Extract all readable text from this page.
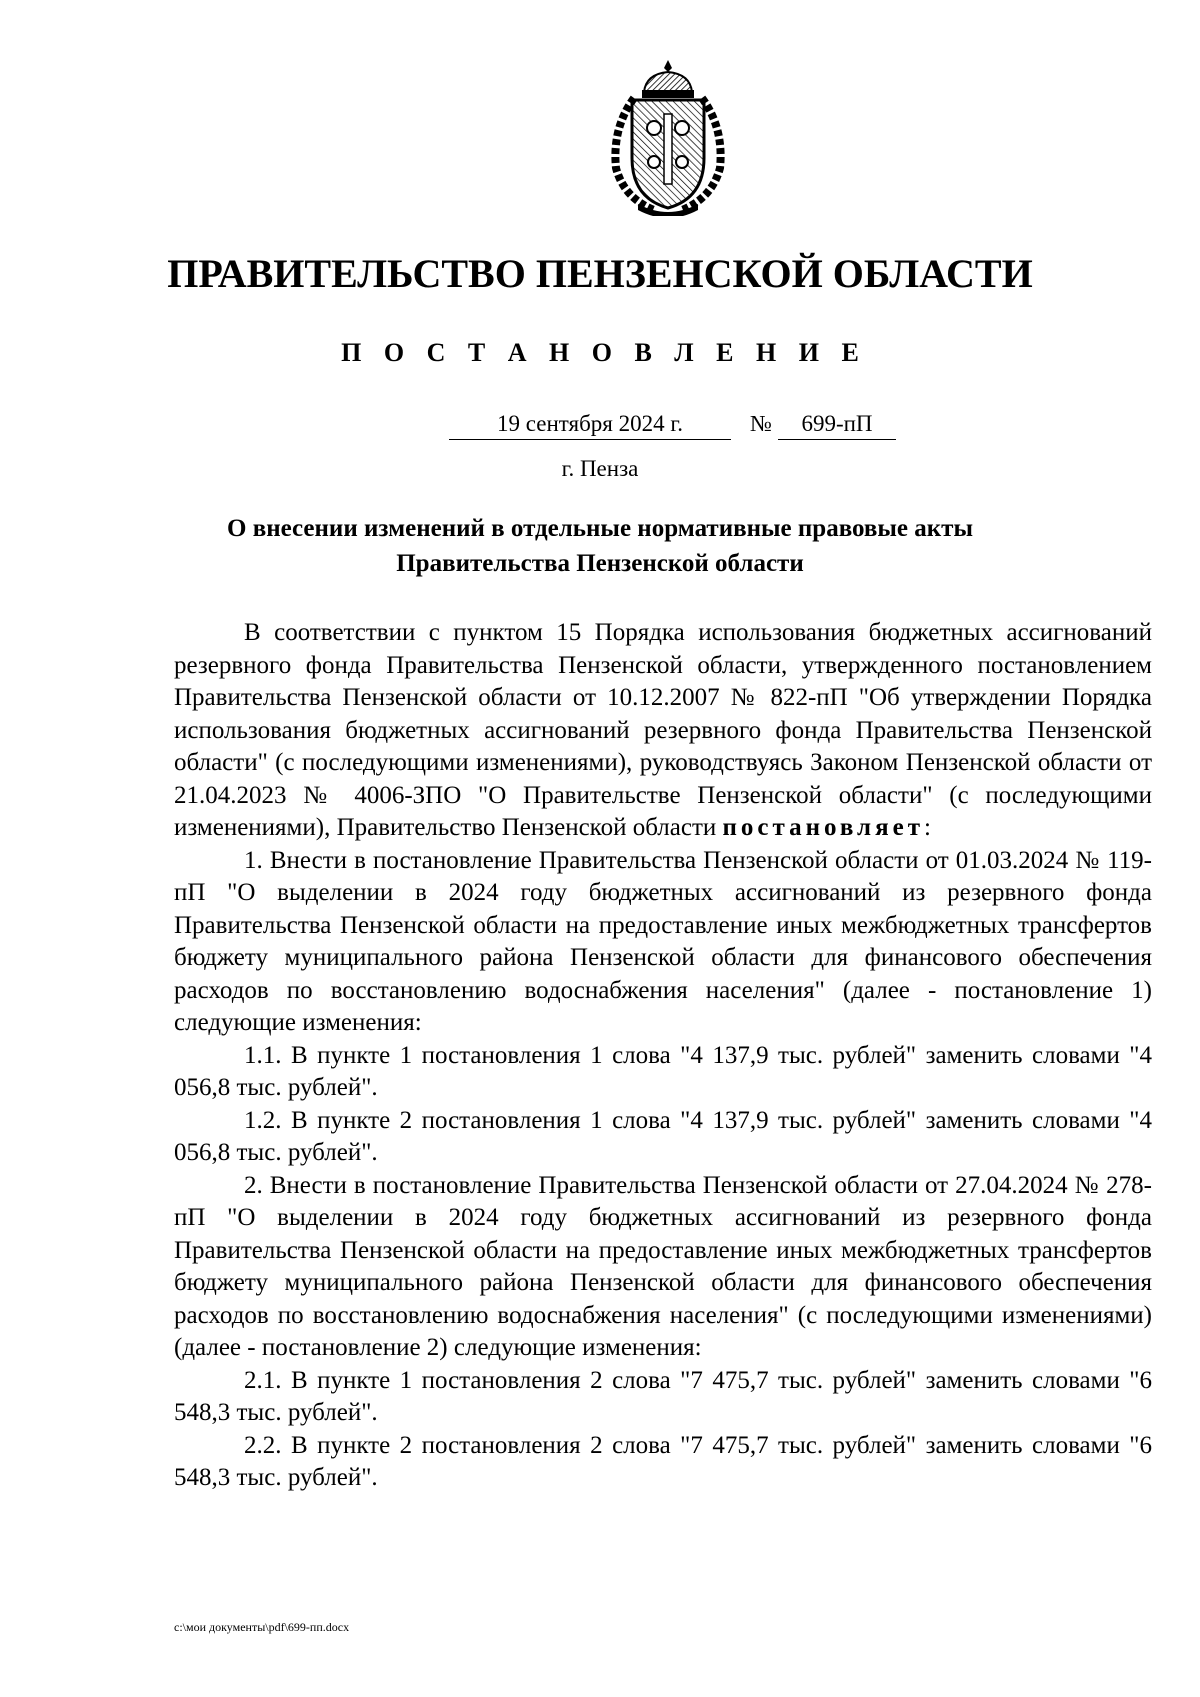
ПРАВИТЕЛЬСТВО ПЕНЗЕНСКОЙ ОБЛАСТИ
П О С Т А Н О В Л Е Н И Е
19 сентября 2024 г.	№	699-пП
г. Пенза
О внесении изменений в отдельные нормативные правовые акты
Правительства Пензенской области

В соответствии с пунктом 15 Порядка использования бюджетных ассигнований резервного фонда Правительства Пензенской области, утвержденного постановлением Правительства Пензенской области от 10.12.2007 № 822-пП "Об утверждении Порядка использования бюджетных ассигнований резервного фонда Правительства Пензенской области" (с последующими изменениями), руководствуясь Законом Пензенской области от 21.04.2023 № 4006-ЗПО "О Правительстве Пензенской области" (с последующими изменениями), Правительство Пензенской области постановляет:

1. Внести в постановление Правительства Пензенской области от 01.03.2024 № 119-пП "О выделении в 2024 году бюджетных ассигнований из резервного фонда Правительства Пензенской области на предоставление иных межбюджетных трансфертов бюджету муниципального района Пензенской области для финансового обеспечения расходов по восстановлению водоснабжения населения" (далее - постановление 1) следующие изменения:

1.1. В пункте 1 постановления 1 слова "4 137,9 тыс. рублей" заменить словами "4 056,8 тыс. рублей".

1.2. В пункте 2 постановления 1 слова "4 137,9 тыс. рублей" заменить словами "4 056,8 тыс. рублей".

2. Внести в постановление Правительства Пензенской области от 27.04.2024 № 278-пП "О выделении в 2024 году бюджетных ассигнований из резервного фонда Правительства Пензенской области на предоставление иных межбюджетных трансфертов бюджету муниципального района Пензенской области для финансового обеспечения расходов по восстановлению водоснабжения населения" (с последующими изменениями) (далее - постановление 2) следующие изменения:

2.1. В пункте 1 постановления 2 слова "7 475,7 тыс. рублей" заменить словами "6 548,3 тыс. рублей".

2.2. В пункте 2 постановления 2 слова "7 475,7 тыс. рублей" заменить словами "6 548,3 тыс. рублей".

c:\мои документы\pdf\699-пп.docx
